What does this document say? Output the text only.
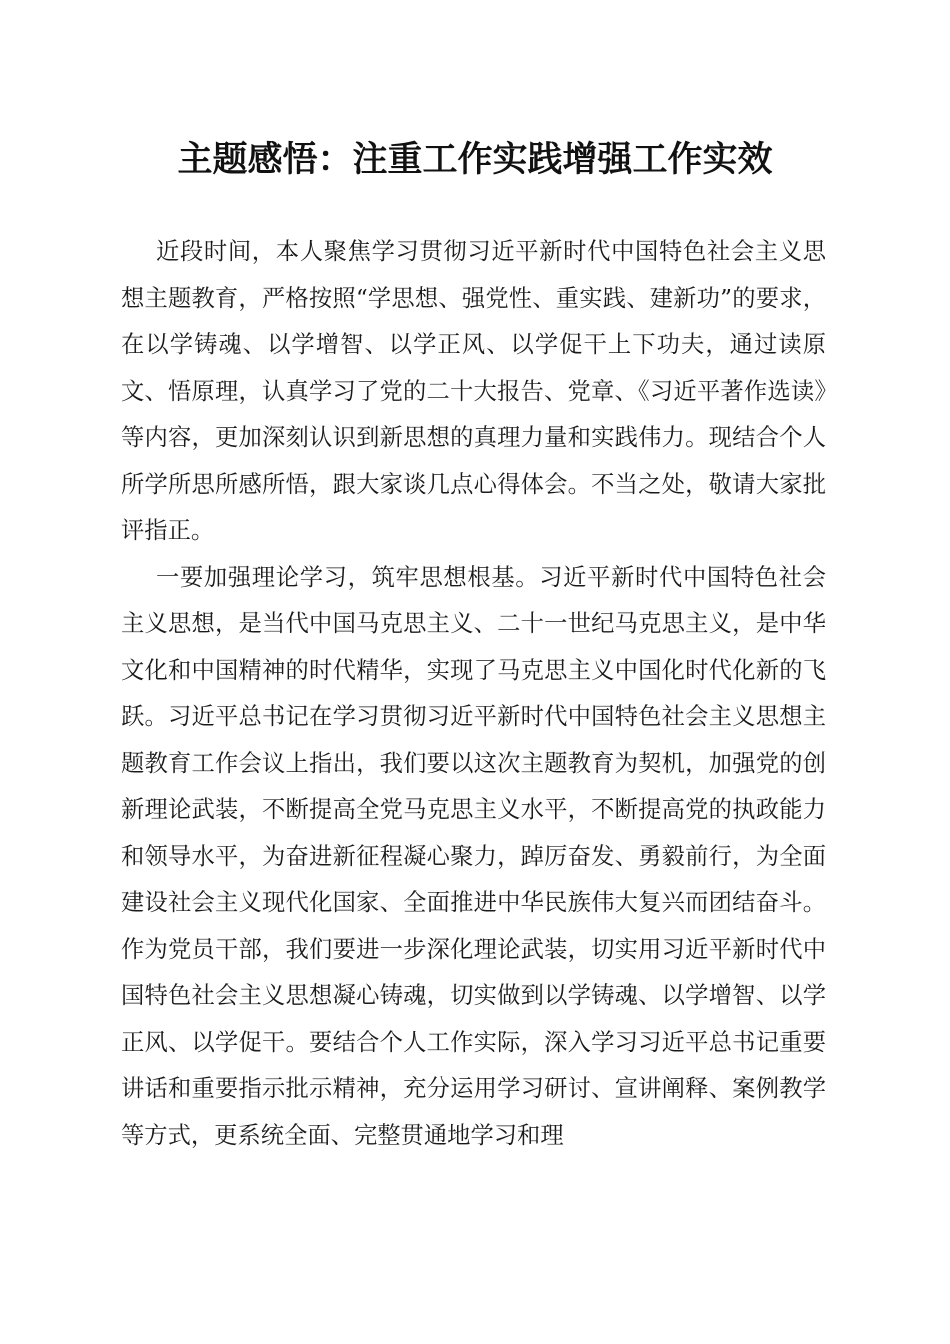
主题感悟：注重工作实践增强工作实效

近段时间，本人聚焦学习贯彻习近平新时代中国特色社会主义思想主题教育，严格按照“学思想、强党性、重实践、建新功”的要求，在以学铸魂、以学增智、以学正风、以学促干上下功夫，通过读原文、悟原理，认真学习了党的二十大报告、党章、《习近平著作选读》等内容，更加深刻认识到新思想的真理力量和实践伟力。现结合个人所学所思所感所悟，跟大家谈几点心得体会。不当之处，敬请大家批评指正。

一要加强理论学习，筑牢思想根基。习近平新时代中国特色社会主义思想，是当代中国马克思主义、二十一世纪马克思主义，是中华文化和中国精神的时代精华，实现了马克思主义中国化时代化新的飞跃。习近平总书记在学习贯彻习近平新时代中国特色社会主义思想主题教育工作会议上指出，我们要以这次主题教育为契机，加强党的创新理论武装，不断提高全党马克思主义水平，不断提高党的执政能力和领导水平，为奋进新征程凝心聚力，踔厉奋发、勇毅前行，为全面建设社会主义现代化国家、全面推进中华民族伟大复兴而团结奋斗。作为党员干部，我们要进一步深化理论武装，切实用习近平新时代中国特色社会主义思想凝心铸魂，切实做到以学铸魂、以学增智、以学正风、以学促干。要结合个人工作实际，深入学习习近平总书记重要讲话和重要指示批示精神，充分运用学习研讨、宣讲阐释、案例教学等方式，更系统全面、完整贯通地学习和理
